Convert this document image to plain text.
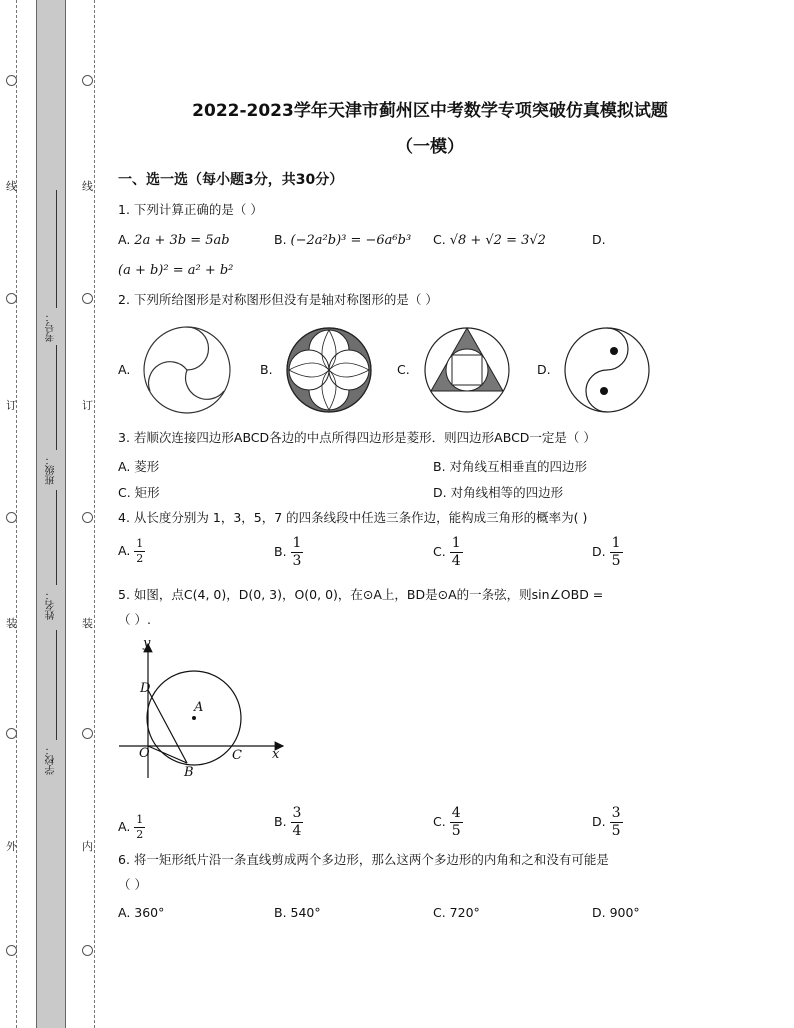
线
订
装
外
线
订
装
内
考号：
班级：
姓名：
学校：
2022-2023学年天津市蓟州区中考数学专项突破仿真模拟试题
（一模）
一、选一选（每小题3分，共30分）
1. 下列计算正确的是（ ）
A. 2a + 3b = 5ab	B. (−2a²b)³ = −6a⁶b³ C. √8 + √2 = 3√2	D.
(a + b)² = a² + b²
2. 下列所给图形是对称图形但没有是轴对称图形的是（ ）
A.	B.	C.	D.
3. 若顺次连接四边形ABCD各边的中点所得四边形是菱形．则四边形ABCD一定是（ ）
A. 菱形	B. 对角线互相垂直的四边形
C. 矩形	D. 对角线相等的四边形
4. 从长度分别为 1，3，5，7 的四条线段中任选三条作边，能构成三角形的概率为( )
A. $\frac{1}{2}$	B. $\frac{1}{3}$	C. $\frac{1}{4}$	D. $\frac{1}{5}$
5. 如图，点C(4, 0)，D(0, 3)，O(0, 0)，在⊙A上，BD是⊙A的一条弦，则sin∠OBD =
（ ）.
y
x
D
A
O
B
C
A. $\frac{1}{2}$	B. $\frac{3}{4}$	C. $\frac{4}{5}$	D. $\frac{3}{5}$
6. 将一矩形纸片沿一条直线剪成两个多边形，那么这两个多边形的内角和之和没有可能是
（ ）
A. 360°	B. 540°	C. 720°	D. 900°
